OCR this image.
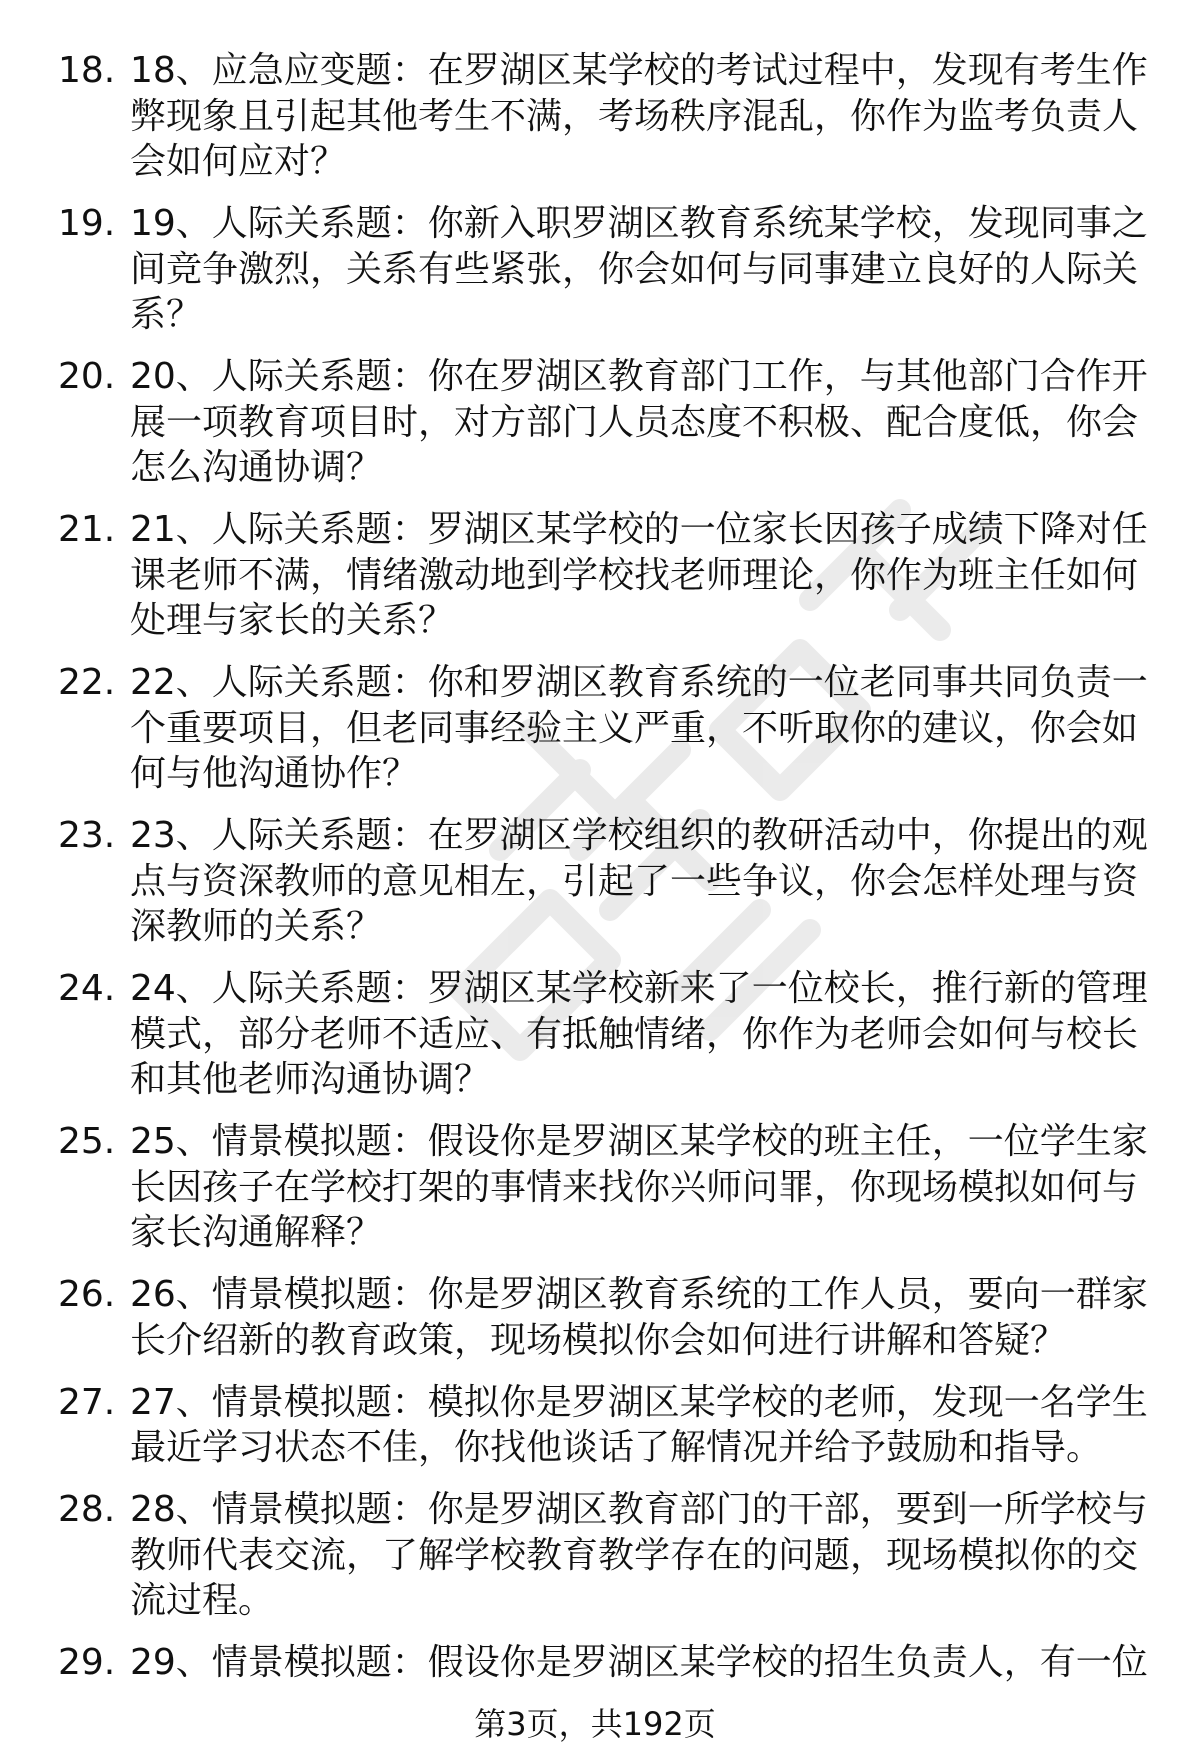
18. 18、应急应变题：在罗湖区某学校的考试过程中，发现有考生作弊现象且引起其他考生不满，考场秩序混乱，你作为监考负责人会如何应对？
19. 19、人际关系题：你新入职罗湖区教育系统某学校，发现同事之间竞争激烈，关系有些紧张，你会如何与同事建立良好的人际关系？
20. 20、人际关系题：你在罗湖区教育部门工作，与其他部门合作开展一项教育项目时，对方部门人员态度不积极、配合度低，你会怎么沟通协调？
21. 21、人际关系题：罗湖区某学校的一位家长因孩子成绩下降对任课老师不满，情绪激动地到学校找老师理论，你作为班主任如何处理与家长的关系？
22. 22、人际关系题：你和罗湖区教育系统的一位老同事共同负责一个重要项目，但老同事经验主义严重，不听取你的建议，你会如何与他沟通协作？
23. 23、人际关系题：在罗湖区学校组织的教研活动中，你提出的观点与资深教师的意见相左，引起了一些争议，你会怎样处理与资深教师的关系？
24. 24、人际关系题：罗湖区某学校新来了一位校长，推行新的管理模式，部分老师不适应、有抵触情绪，你作为老师会如何与校长和其他老师沟通协调？
25. 25、情景模拟题：假设你是罗湖区某学校的班主任，一位学生家长因孩子在学校打架的事情来找你兴师问罪，你现场模拟如何与家长沟通解释？
26. 26、情景模拟题：你是罗湖区教育系统的工作人员，要向一群家长介绍新的教育政策，现场模拟你会如何进行讲解和答疑？
27. 27、情景模拟题：模拟你是罗湖区某学校的老师，发现一名学生最近学习状态不佳，你找他谈话了解情况并给予鼓励和指导。
28. 28、情景模拟题：你是罗湖区教育部门的干部，要到一所学校与教师代表交流，了解学校教育教学存在的问题，现场模拟你的交流过程。
29. 29、情景模拟题：假设你是罗湖区某学校的招生负责人，有一位
第3页，共192页
